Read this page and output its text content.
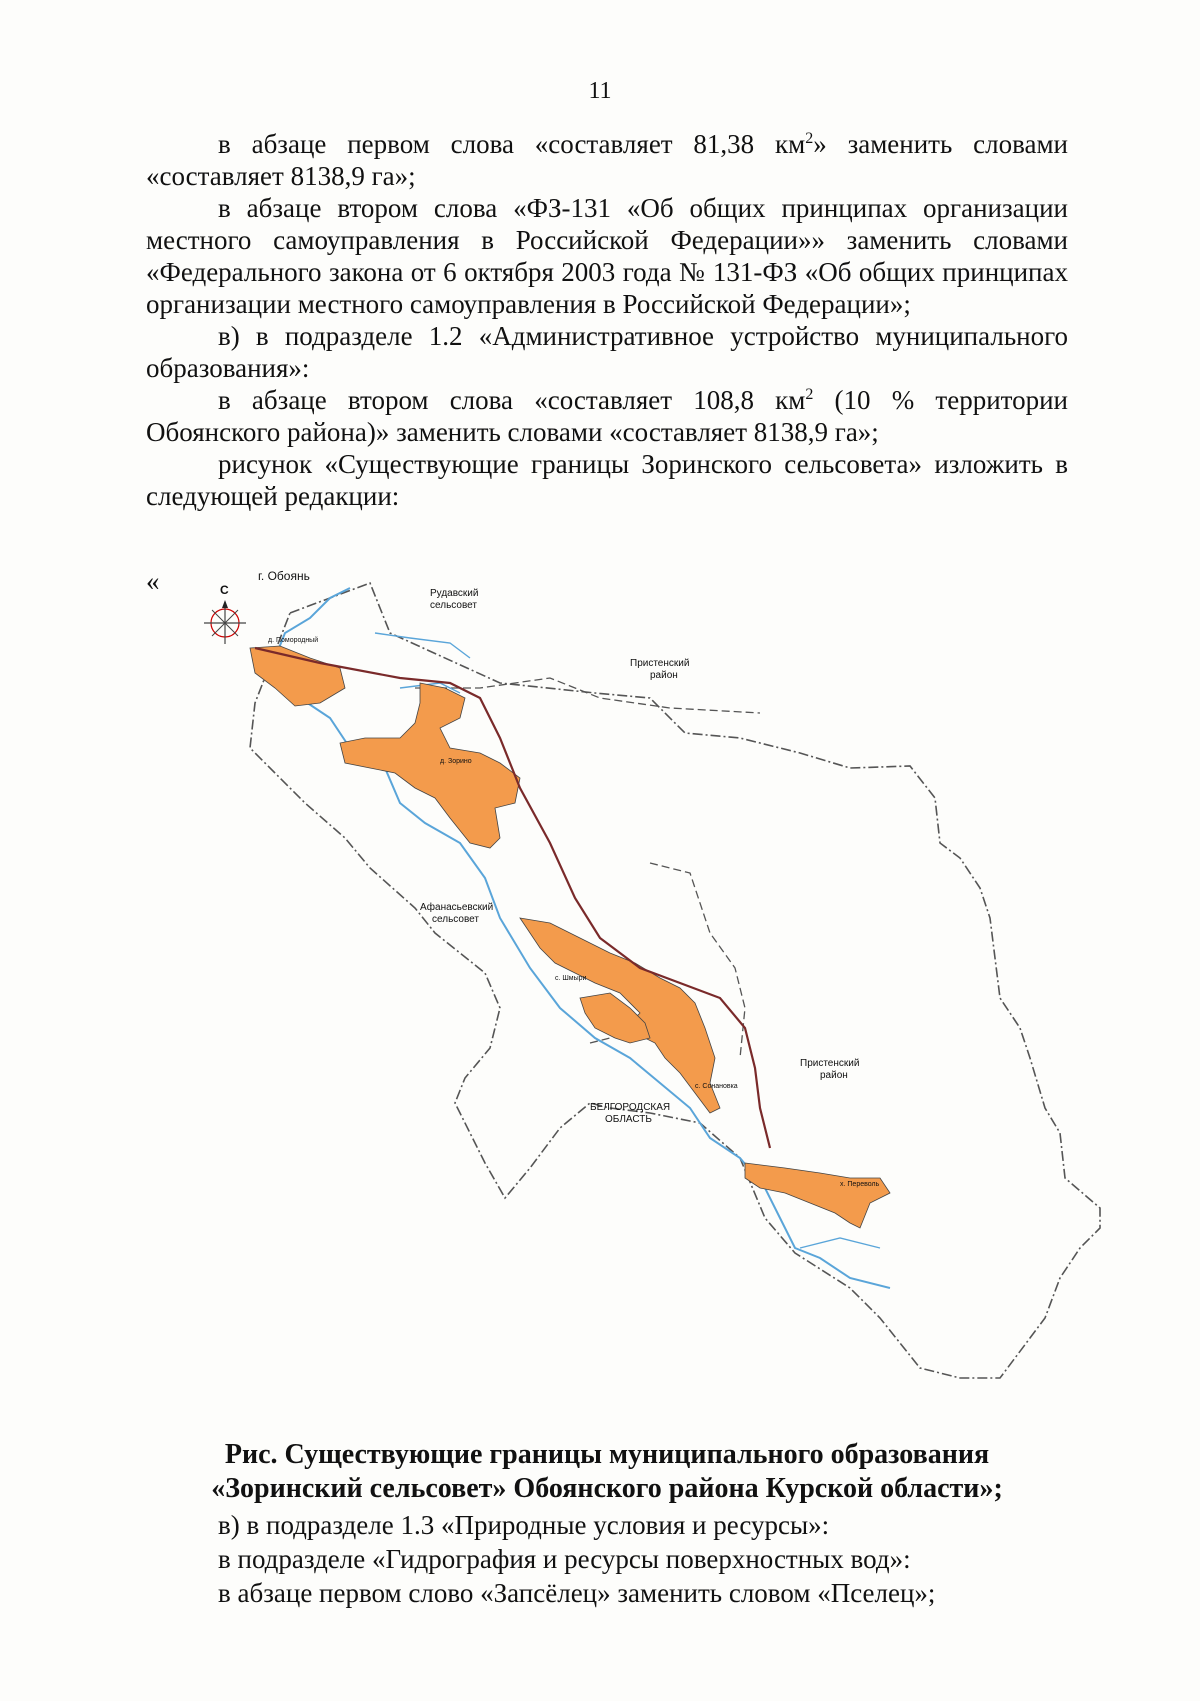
11

в абзаце первом слова «составляет 81,38 $км^2$» заменить словами «составляет 8138,9 га»;

в абзаце втором слова «ФЗ-131 «Об общих принципах организации местного самоуправления в Российской Федерации»» заменить словами «Федерального закона от 6 октября 2003 года № 131-ФЗ «Об общих принципах организации местного самоуправления в Российской Федерации»;

в) в подразделе 1.2 «Административное устройство муниципального образования»:

в абзаце втором слова «составляет 108,8 $км^2$ (10 % территории Обоянского района)» заменить словами «составляет 8138,9 га»;

рисунок «Существующие границы Зоринского сельсовета» изложить в следующей редакции:

«	С
г. Обоянь
Рудавский
сельсовет
д. Помородный
Пристенский
район
д. Зорино
Афанасьевский
сельсовет
с. Шмыри
Пристенский
район
с. Сонановка
БЕЛГОРОДСКАЯ
ОБЛАСТЬ
х. Переволь
Рис. Существующие границы муниципального образования
«Зоринский сельсовет» Обоянского района Курской области»;

в) в подразделе 1.3 «Природные условия и ресурсы»:

в подразделе «Гидрография и ресурсы поверхностных вод»:

в абзаце первом слово «Запсёлец» заменить словом «Пселец»;
